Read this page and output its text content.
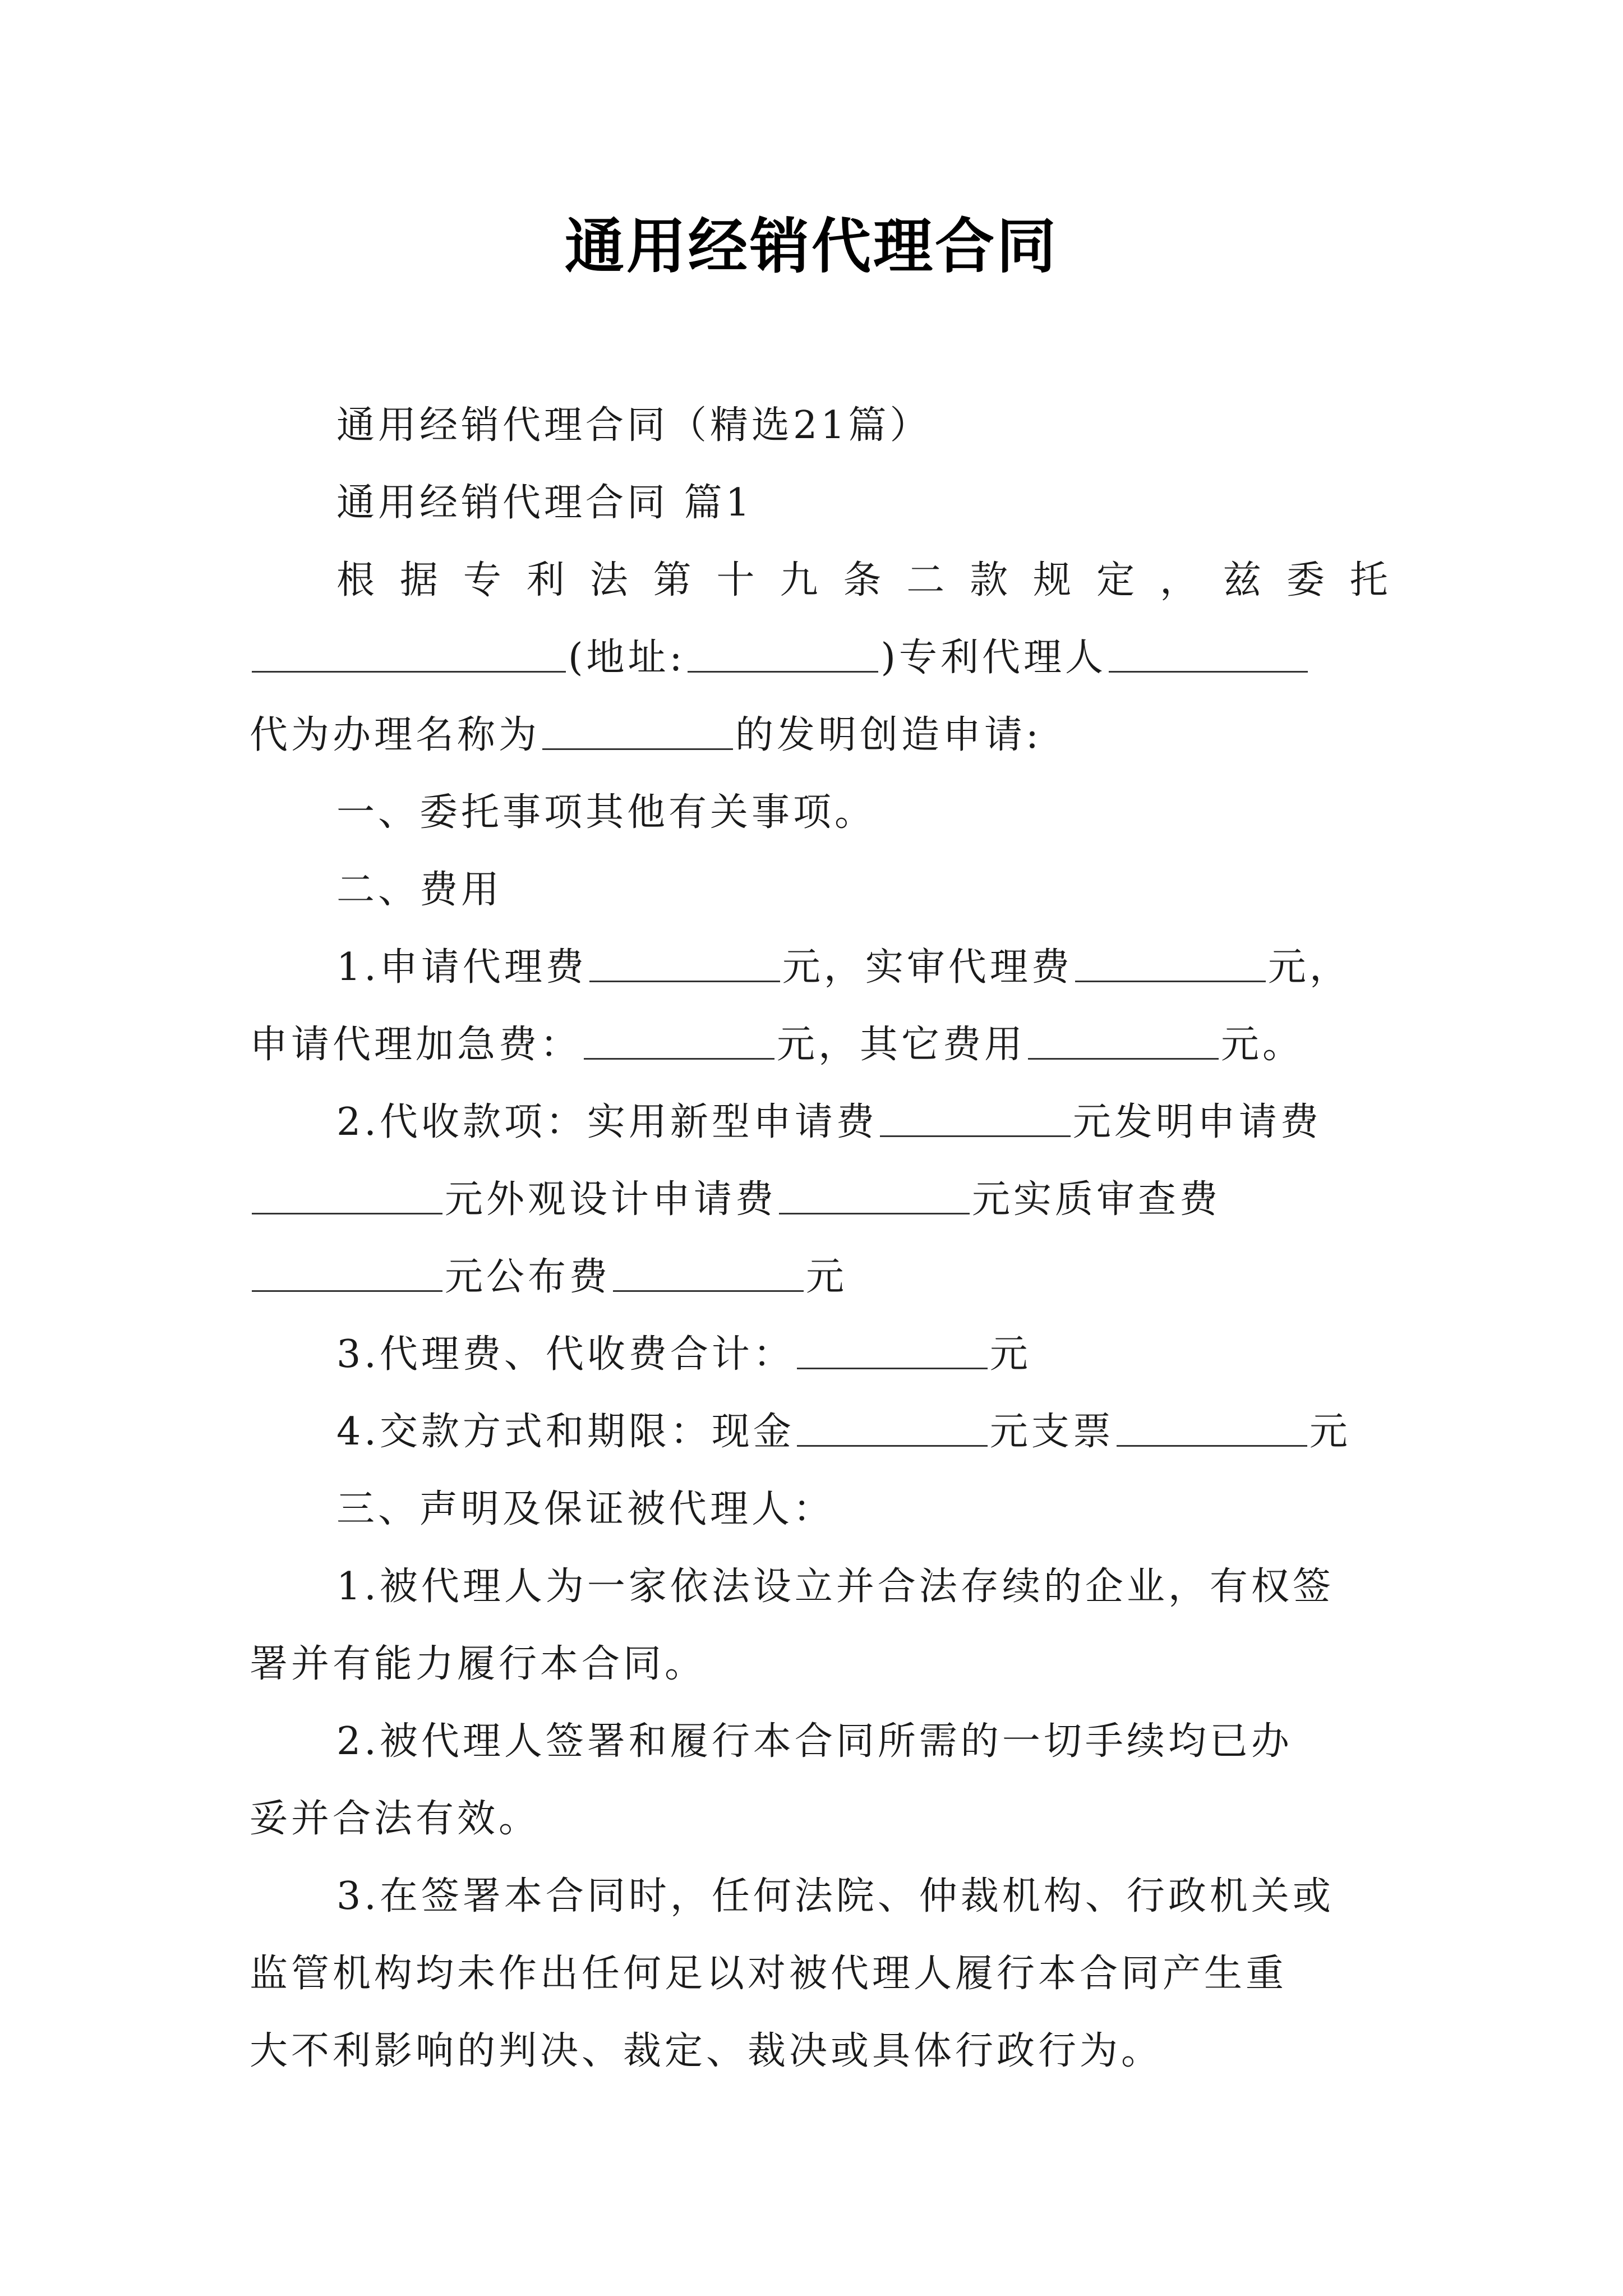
通用经销代理合同
通用经销代理合同（精选21篇）
通用经销代理合同 篇1
根 据 专 利 法 第 十 九 条 二 款 规 定 ， 兹 委 托
(地址:	)专利代理人
代为办理名称为	的发明创造申请:
一、委托事项其他有关事项。
二、费用
1.申请代理费	元，实审代理费	元，
申请代理加急费：	元，其它费用	元。
2.代收款项：实用新型申请费	元发明申请费
元外观设计申请费	元实质审查费
元公布费	元
3.代理费、代收费合计：	元
4.交款方式和期限：现金	元支票	元
三、声明及保证被代理人：
1.被代理人为一家依法设立并合法存续的企业，有权签
署并有能力履行本合同。
2.被代理人签署和履行本合同所需的一切手续均已办
妥并合法有效。
3.在签署本合同时，任何法院、仲裁机构、行政机关或
监管机构均未作出任何足以对被代理人履行本合同产生重
大不利影响的判决、裁定、裁决或具体行政行为。
